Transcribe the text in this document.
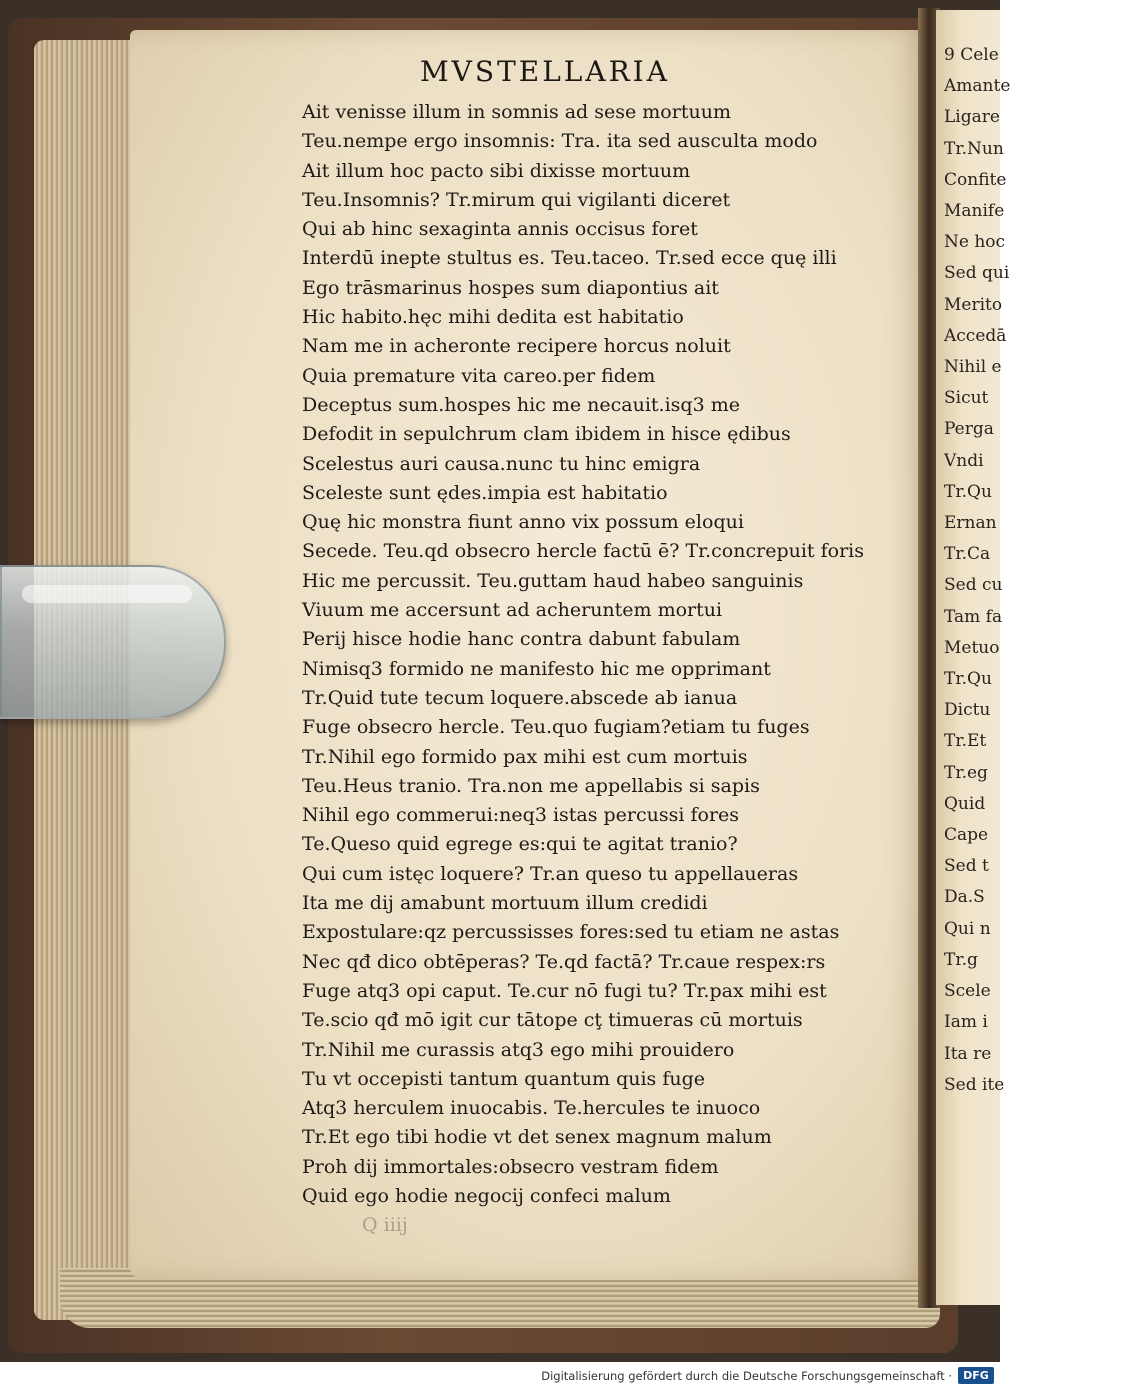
MVSTELLARIA
Ait venisse illum in somnis ad sese mortuum
Teu.nempe ergo insomnis: Tra. ita sed ausculta modo
Ait illum hoc pacto sibi dixisse mortuum
Teu.Insomnis? Tr.mirum qui vigilanti diceret
Qui ab hinc sexaginta annis occisus foret
Interdū inepte stultus es. Teu.taceo. Tr.sed ecce quę illi
Ego trāsmarinus hospes sum diapontius ait
Hic habito.hęc mihi dedita est habitatio
Nam me in acheronte recipere horcus noluit
Quia premature vita careo.per fidem
Deceptus sum.hospes hic me necauit.isq3 me
Defodit in sepulchrum clam ibidem in hisce ędibus
Scelestus auri causa.nunc tu hinc emigra
Sceleste sunt ędes.impia est habitatio
Quę hic monstra fiunt anno vix possum eloqui
Secede. Teu.qd obsecro hercle factū ē? Tr.concrepuit foris
Hic me percussit. Teu.guttam haud habeo sanguinis
Viuum me accersunt ad acheruntem mortui
Perij hisce hodie hanc contra dabunt fabulam
Nimisq3 formido ne manifesto hic me opprimant
Tr.Quid tute tecum loquere.abscede ab ianua
Fuge obsecro hercle. Teu.quo fugiam?etiam tu fuges
Tr.Nihil ego formido pax mihi est cum mortuis
Teu.Heus tranio. Tra.non me appellabis si sapis
Nihil ego commerui:neq3 istas percussi fores
Te.Queso quid egrege es:qui te agitat tranio?
Qui cum istęc loquere? Tr.an queso tu appellaueras
Ita me dij amabunt mortuum illum credidi
Expostulare:qz percussisses fores:sed tu etiam ne astas
Nec qđ dico obtēperas? Te.qd factā? Tr.caue respex:rs
Fuge atq3 opi caput. Te.cur nō fugi tu? Tr.pax mihi est
Te.scio qđ mō igit cur tātope cţ timueras cū mortuis
Tr.Nihil me curassis atq3 ego mihi prouidero
Tu vt occepisti tantum quantum quis fuge
Atq3 herculem inuocabis. Te.hercules te inuoco
Tr.Et ego tibi hodie vt det senex magnum malum
Proh dij immortales:obsecro vestram fidem
Quid ego hodie negocij confeci malum
Q iiij
9 Cele
Amante
Ligare
Tr.Nun
Confite
Manife
Ne hoc
Sed qui
Merito
Accedā
Nihil e
Sicut
Perga
Vndi
Tr.Qu
Ernan
Tr.Ca
Sed cu
Tam fa
Metuo
Tr.Qu
Dictu
Tr.Et
Tr.eg
Quid
Cape
Sed t
Da.S
Qui n
Tr.g
Scele
Iam i
Ita re
Sed ite
Digitalisierung gefördert durch die Deutsche Forschungsgemeinschaft ·	DFG
